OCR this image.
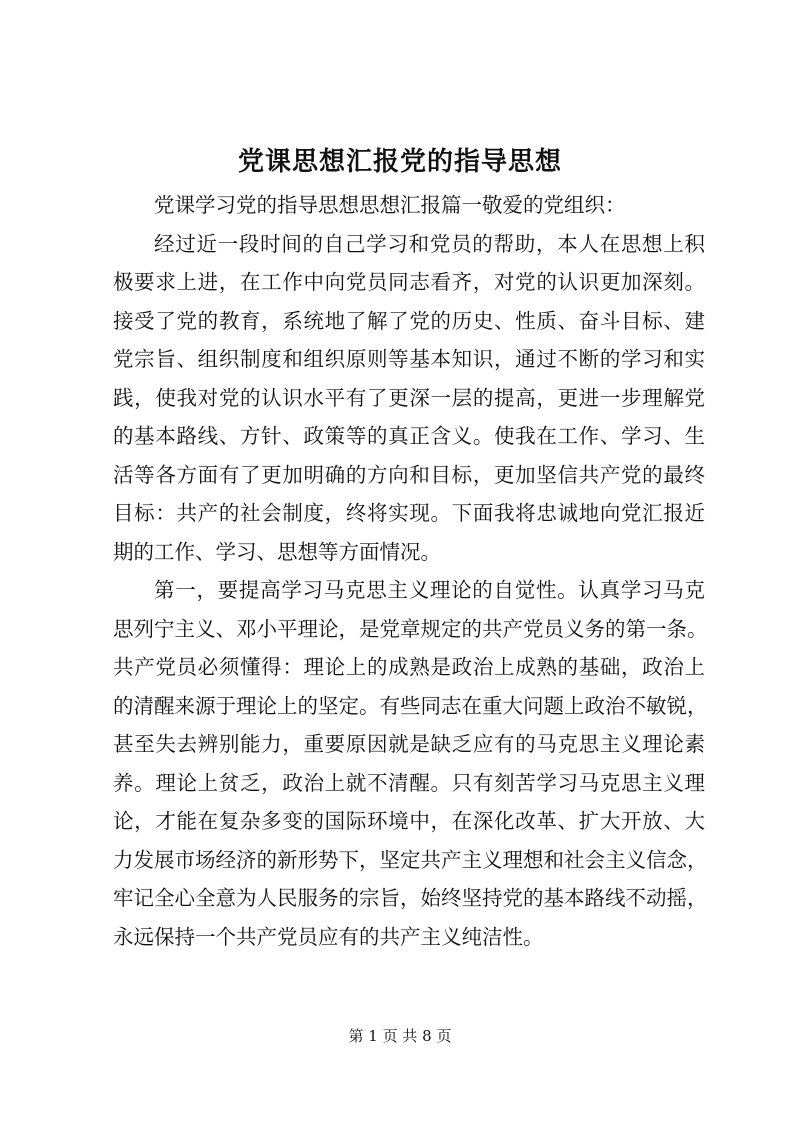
党课思想汇报党的指导思想
党课学习党的指导思想思想汇报篇一敬爱的党组织：
经过近一段时间的自己学习和党员的帮助，本人在思想上积
极要求上进，在工作中向党员同志看齐，对党的认识更加深刻。
接受了党的教育，系统地了解了党的历史、性质、奋斗目标、建
党宗旨、组织制度和组织原则等基本知识，通过不断的学习和实
践，使我对党的认识水平有了更深一层的提高，更进一步理解党
的基本路线、方针、政策等的真正含义。使我在工作、学习、生
活等各方面有了更加明确的方向和目标，更加坚信共产党的最终
目标：共产的社会制度，终将实现。下面我将忠诚地向党汇报近
期的工作、学习、思想等方面情况。
第一，要提高学习马克思主义理论的自觉性。认真学习马克
思列宁主义、邓小平理论，是党章规定的共产党员义务的第一条。
共产党员必须懂得：理论上的成熟是政治上成熟的基础，政治上
的清醒来源于理论上的坚定。有些同志在重大问题上政治不敏锐，
甚至失去辨别能力，重要原因就是缺乏应有的马克思主义理论素
养。理论上贫乏，政治上就不清醒。只有刻苦学习马克思主义理
论，才能在复杂多变的国际环境中，在深化改革、扩大开放、大
力发展市场经济的新形势下，坚定共产主义理想和社会主义信念，
牢记全心全意为人民服务的宗旨，始终坚持党的基本路线不动摇，
永远保持一个共产党员应有的共产主义纯洁性。
第 1 页 共 8 页
